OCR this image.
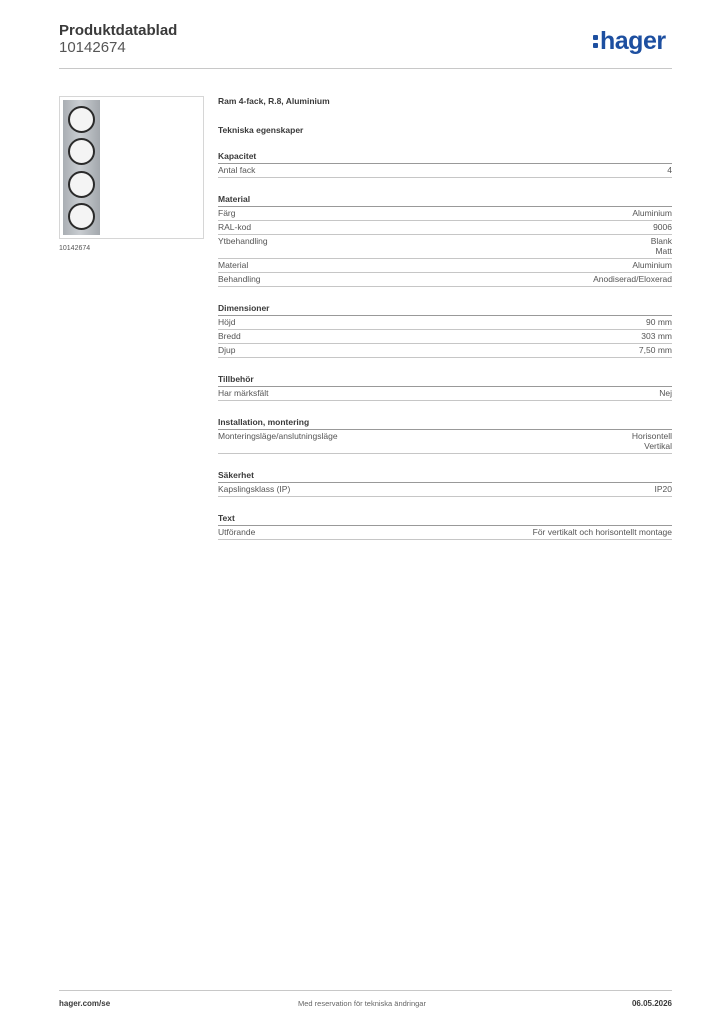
Produktdatablad
10142674	hager
10142674
Ram 4-fack, R.8, Aluminium
Tekniska egenskaper
Kapacitet
Antal fack	4
Material
Färg	Aluminium
RAL-kod	9006
Ytbehandling	Blank
Matt
Material	Aluminium
Behandling	Anodiserad/Eloxerad
Dimensioner
Höjd	90 mm
Bredd	303 mm
Djup	7,50 mm
Tillbehör
Har märksfält	Nej
Installation, montering
Monteringsläge/anslutningsläge	Horisontell
Vertikal
Säkerhet
Kapslingsklass (IP)	IP20
Text
Utförande	För vertikalt och horisontellt montage
hager.com/se	Med reservation för tekniska ändringar	06.05.2026
